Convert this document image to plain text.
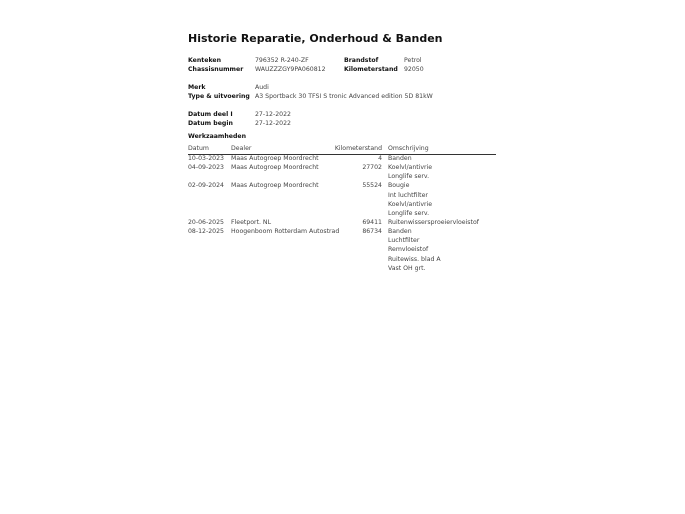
Historie Reparatie, Onderhoud & Banden
Kenteken	796352 R-240-ZF	Brandstof	Petrol
Chassisnummer WAUZZZGY9PA060812	Kilometerstand 92050
Merk	Audi
Type & uitvoering A3 Sportback 30 TFSI S tronic Advanced edition 5D 81kW
Datum deel I	27-12-2022
Datum begin	27-12-2022
Werkzaamheden
Datum	Dealer	Kilometerstand Omschrijving
10-03-2023 Maas Autogroep Moordrecht	4 Banden
04-09-2023 Maas Autogroep Moordrecht	27702 Koelvl/antivrie
Longlife serv.
02-09-2024 Maas Autogroep Moordrecht	55524 Bougie
Int luchtfilter
Koelvl/antivrie
Longlife serv.
20-06-2025 Fleetport. NL	69411 Ruitenwissersproeiervloeistof
08-12-2025 Hoogenboom Rotterdam Autostrad	86734 Banden
Luchtfilter
Remvloeistof
Ruitewiss. blad A
Vast OH grt.
